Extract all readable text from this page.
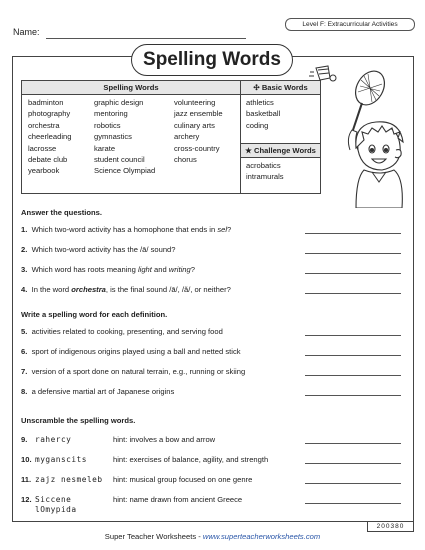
Name:
Level F: Extracurricular Activities
Spelling Words
Spelling Words	✣ Basic Words
★ Challenge Words
badminton
photography
orchestra
cheerleading
lacrosse
debate club
yearbook
graphic design
mentoring
robotics
gymnastics
karate
student council
Science Olympiad
volunteering
jazz ensemble
culinary arts
archery
cross-country
chorus
athletics
basketball
coding
acrobatics
intramurals
Answer the questions.
1. Which two-word activity has a homophone that ends in sel?
2. Which two-word activity has the /ā/ sound?
3. Which word has roots meaning light and writing?
4. In the word orchestra, is the final sound /ā/, /ă/, or neither?
Write a spelling word for each definition.
5. activities related to cooking, presenting, and serving food
6. sport of indigenous origins played using a ball and netted stick
7. version of a sport done on natural terrain, e.g., running or skiing
8. a defensive martial art of Japanese origins
Unscramble the spelling words.
9. rahercy	hint: involves a bow and arrow
10. myganscits	hint: exercises of balance, agility, and strength
11. zajz nesmeleb hint: musical group focused on one genre
12. Siccene
lOmypida
hint: name drawn from ancient Greece
200380
Super Teacher Worksheets - www.superteacherworksheets.com
